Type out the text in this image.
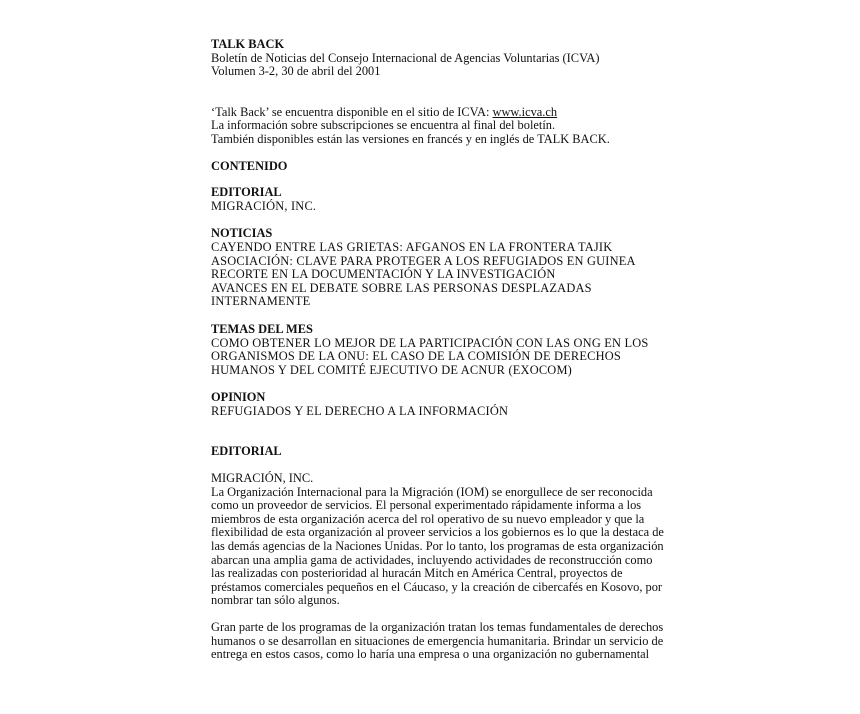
TALK BACK
Boletín de Noticias del Consejo Internacional de Agencias Voluntarias (ICVA)
Volumen 3-2, 30 de abril del 2001
‘Talk Back’ se encuentra disponible en el sitio de ICVA: www.icva.ch
La información sobre subscripciones se encuentra al final del boletín.
También disponibles están las versiones en francés y en inglés de TALK BACK.
CONTENIDO
EDITORIAL
MIGRACIÓN, INC.
NOTICIAS
CAYENDO ENTRE LAS GRIETAS: AFGANOS EN LA FRONTERA TAJIK
ASOCIACIÓN: CLAVE PARA PROTEGER A LOS REFUGIADOS EN GUINEA
RECORTE EN LA DOCUMENTACIÓN Y LA INVESTIGACIÓN
AVANCES EN EL DEBATE SOBRE LAS PERSONAS DESPLAZADAS
INTERNAMENTE
TEMAS DEL MES
COMO OBTENER LO MEJOR DE LA PARTICIPACIÓN CON LAS ONG EN LOS
ORGANISMOS DE LA ONU: EL CASO DE LA COMISIÓN DE DERECHOS
HUMANOS Y DEL COMITÉ EJECUTIVO DE ACNUR (EXOCOM)
OPINION
REFUGIADOS Y EL DERECHO A LA INFORMACIÓN
EDITORIAL
MIGRACIÓN, INC.
La Organización Internacional para la Migración (IOM) se enorgullece de ser reconocida
como un proveedor de servicios. El personal experimentado rápidamente informa a los
miembros de esta organización acerca del rol operativo de su nuevo empleador y que la
flexibilidad de esta organización al proveer servicios a los gobiernos es lo que la destaca de
las demás agencias de la Naciones Unidas. Por lo tanto, los programas de esta organización
abarcan una amplia gama de actividades, incluyendo actividades de reconstrucción como
las realizadas con posterioridad al huracán Mitch en América Central, proyectos de
préstamos comerciales pequeños en el Cáucaso, y la creación de cibercafés en Kosovo, por
nombrar tan sólo algunos.
Gran parte de los programas de la organización tratan los temas fundamentales de derechos
humanos o se desarrollan en situaciones de emergencia humanitaria. Brindar un servicio de
entrega en estos casos, como lo haría una empresa o una organización no gubernamental
